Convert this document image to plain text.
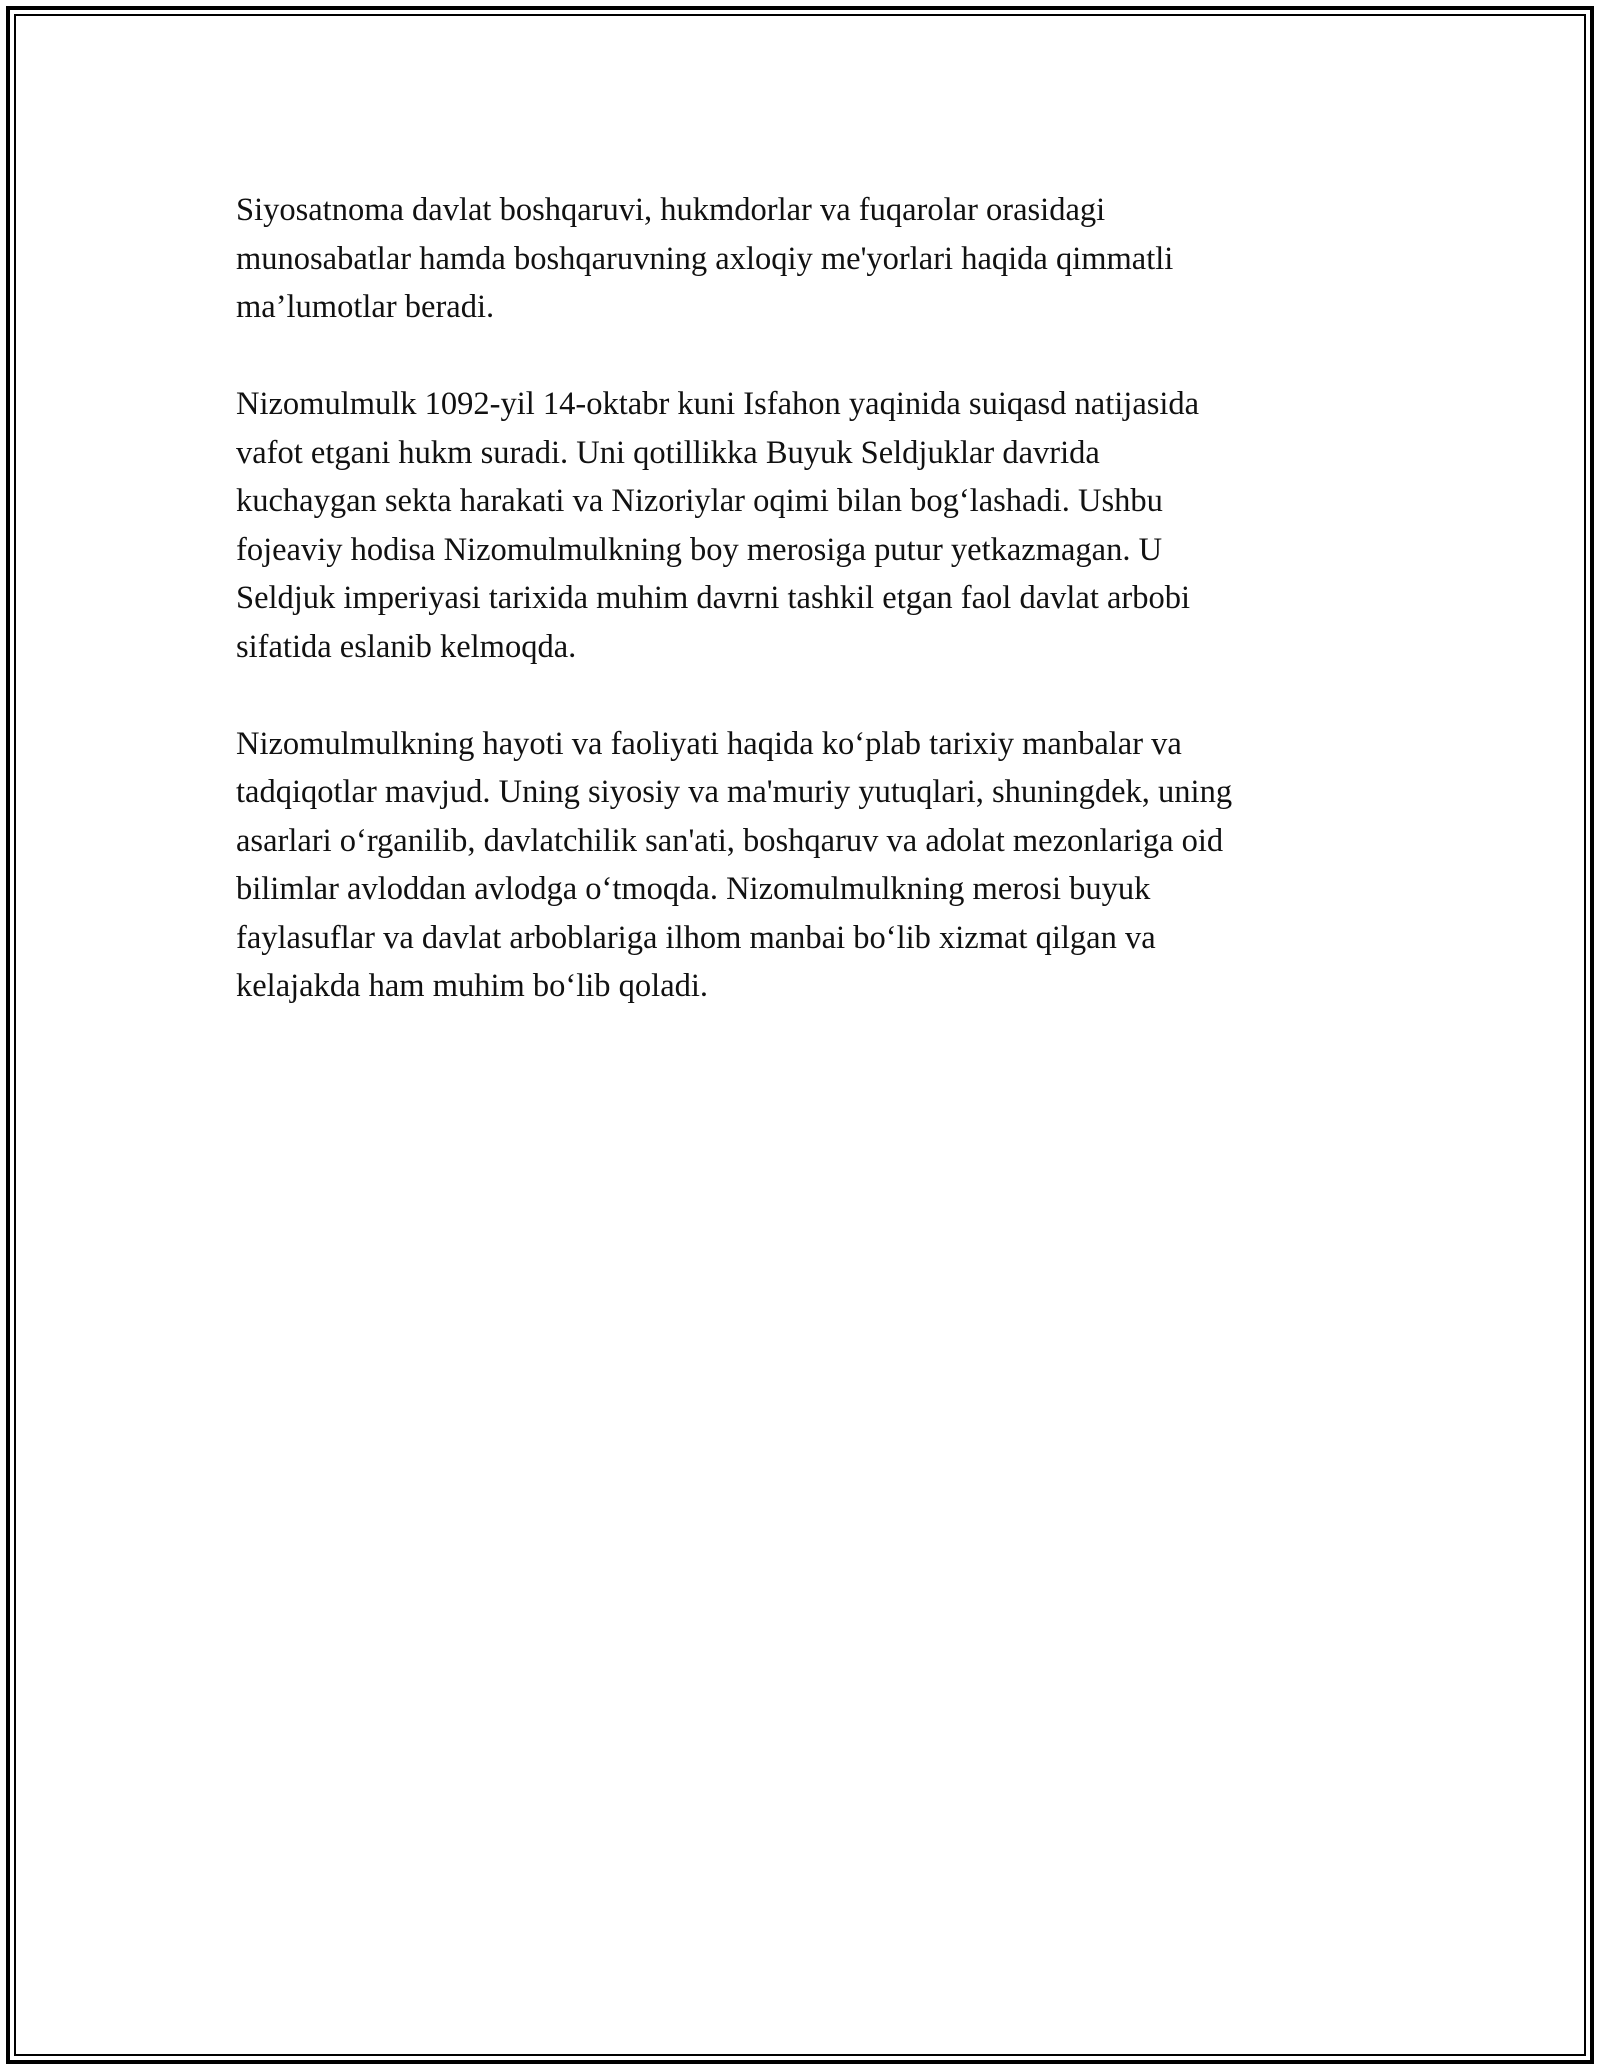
Siyosatnoma davlat boshqaruvi, hukmdorlar va fuqarolar orasidagi
munosabatlar hamda boshqaruvning axloqiy me'yorlari haqida qimmatli
ma’lumotlar beradi.

Nizomulmulk 1092-yil 14-oktabr kuni Isfahon yaqinida suiqasd natijasida
vafot etgani hukm suradi. Uni qotillikka Buyuk Seldjuklar davrida
kuchaygan sekta harakati va Nizoriylar oqimi bilan bog‘lashadi. Ushbu
fojeaviy hodisa Nizomulmulkning boy merosiga putur yetkazmagan. U
Seldjuk imperiyasi tarixida muhim davrni tashkil etgan faol davlat arbobi
sifatida eslanib kelmoqda.

Nizomulmulkning hayoti va faoliyati haqida ko‘plab tarixiy manbalar va
tadqiqotlar mavjud. Uning siyosiy va ma'muriy yutuqlari, shuningdek, uning
asarlari o‘rganilib, davlatchilik san'ati, boshqaruv va adolat mezonlariga oid
bilimlar avloddan avlodga o‘tmoqda. Nizomulmulkning merosi buyuk
faylasuflar va davlat arboblariga ilhom manbai bo‘lib xizmat qilgan va
kelajakda ham muhim bo‘lib qoladi.
